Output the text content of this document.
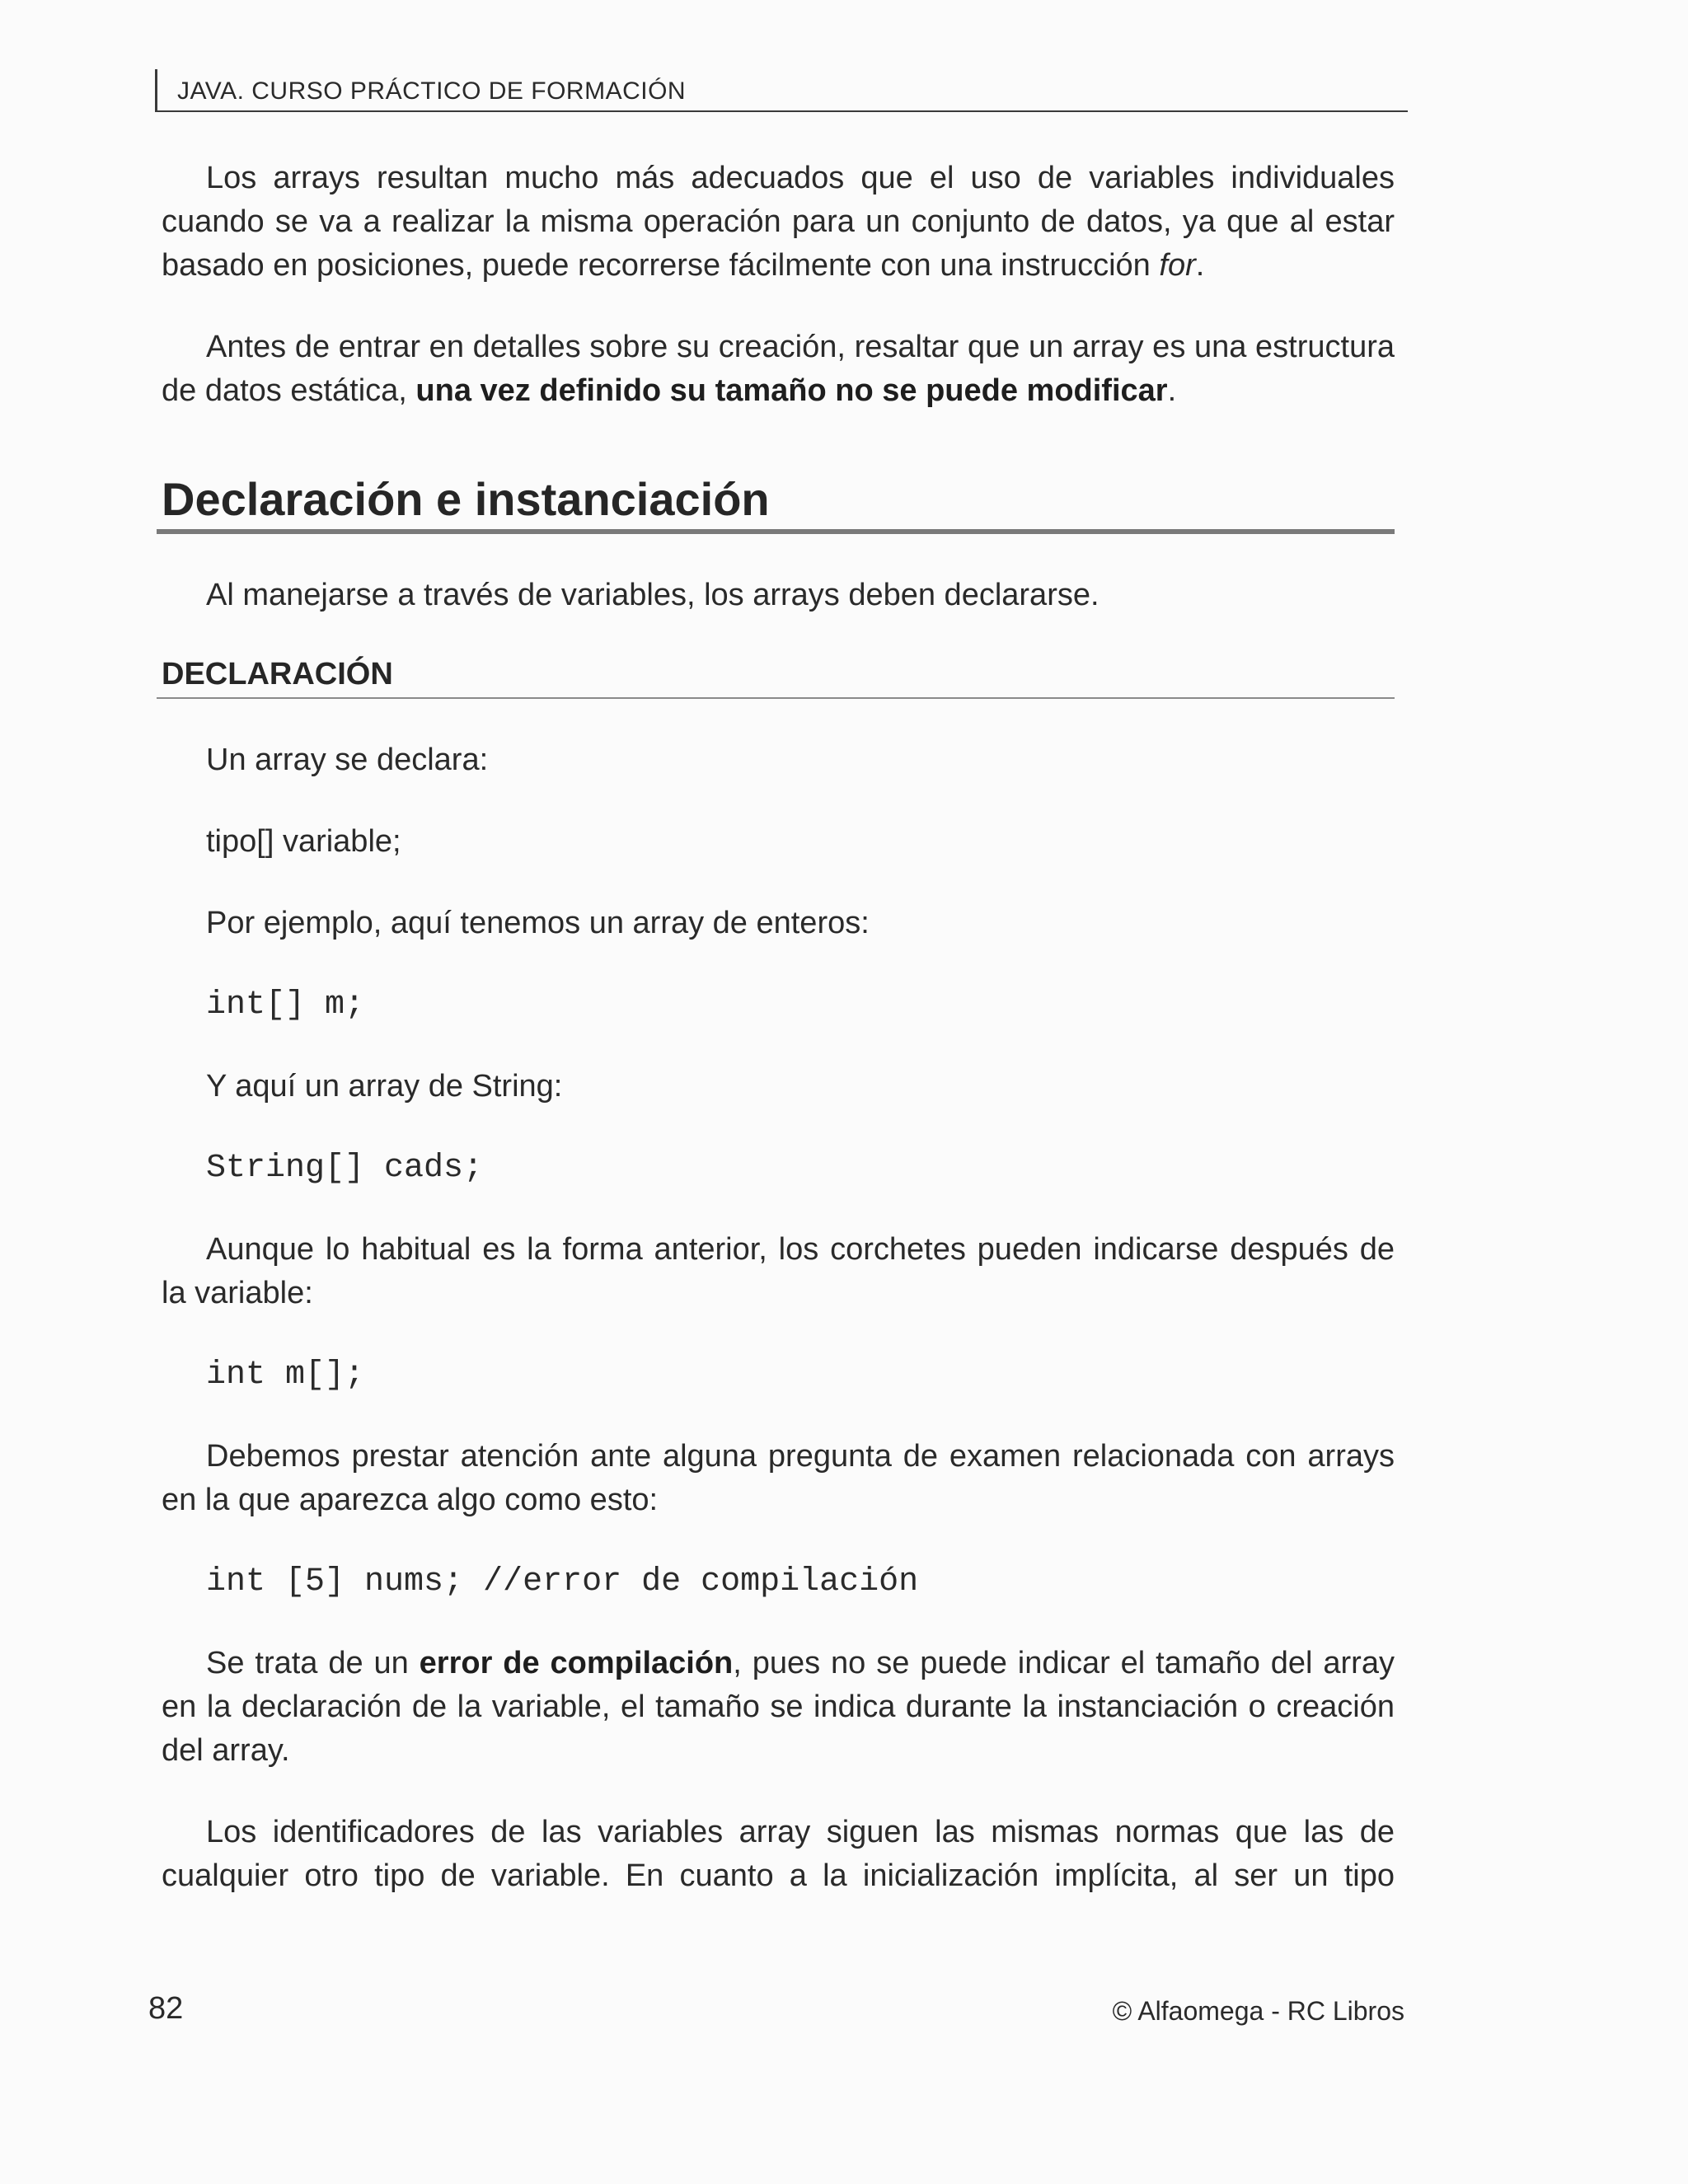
JAVA. CURSO PRÁCTICO DE FORMACIÓN

Los arrays resultan mucho más adecuados que el uso de variables individuales cuando se va a realizar la misma operación para un conjunto de datos, ya que al estar basado en posiciones, puede recorrerse fácilmente con una instrucción for.

Antes de entrar en detalles sobre su creación, resaltar que un array es una estructura de datos estática, una vez definido su tamaño no se puede modificar.

Declaración e instanciación

Al manejarse a través de variables, los arrays deben declararse.

DECLARACIÓN

Un array se declara:

tipo[] variable;

Por ejemplo, aquí tenemos un array de enteros:

int[] m;

Y aquí un array de String:

String[] cads;

Aunque lo habitual es la forma anterior, los corchetes pueden indicarse después de la variable:

int m[];

Debemos prestar atención ante alguna pregunta de examen relacionada con arrays en la que aparezca algo como esto:

int [5] nums; //error de compilación

Se trata de un error de compilación, pues no se puede indicar el tamaño del array en la declaración de la variable, el tamaño se indica durante la instanciación o creación del array.

Los identificadores de las variables array siguen las mismas normas que las de cualquier otro tipo de variable. En cuanto a la inicialización implícita, al ser un tipo

82	© Alfaomega - RC Libros
